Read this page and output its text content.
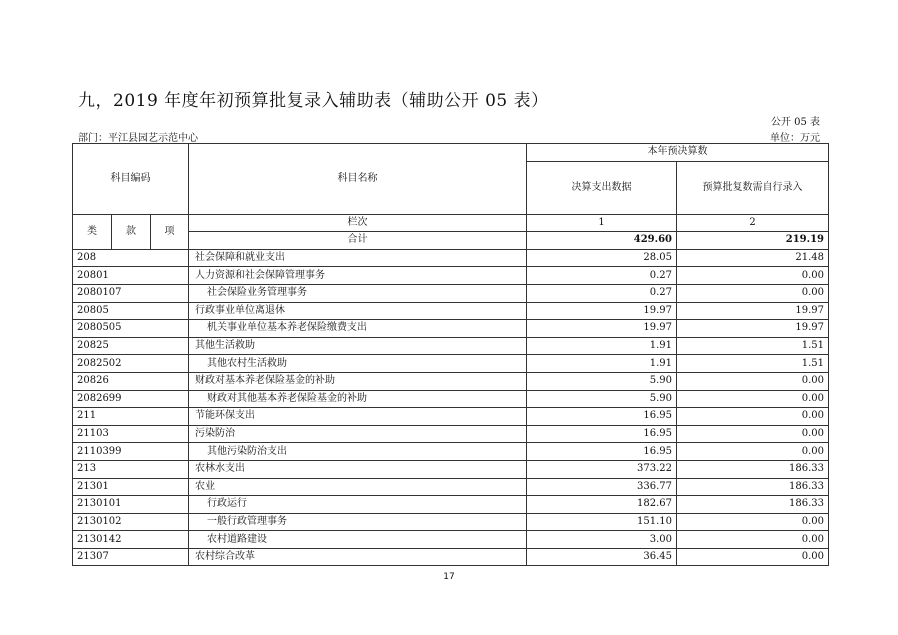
九，2019 年度年初预算批复录入辅助表（辅助公开 05 表）
公开 05 表
部门：平江县园艺示范中心	单位：万元
科目编码			科目名称	本年预决算数	
				决算支出数据	预算批复数需自行录入

类	款	项	栏次	1	2
			合计	429.60	219.19
208			社会保障和就业支出	28.05	21.48
20801			人力资源和社会保障管理事务	0.27	0.00
2080107			社会保险业务管理事务	0.27	0.00
20805			行政事业单位离退休	19.97	19.97
2080505			机关事业单位基本养老保险缴费支出	19.97	19.97
20825			其他生活救助	1.91	1.51
2082502			其他农村生活救助	1.91	1.51
20826			财政对基本养老保险基金的补助	5.90	0.00
2082699			财政对其他基本养老保险基金的补助	5.90	0.00
211			节能环保支出	16.95	0.00
21103			污染防治	16.95	0.00
2110399			其他污染防治支出	16.95	0.00
213			农林水支出	373.22	186.33
21301			农业	336.77	186.33
2130101			行政运行	182.67	186.33
2130102			一般行政管理事务	151.10	0.00
2130142			农村道路建设	3.00	0.00
21307			农村综合改革	36.45	0.00
17
